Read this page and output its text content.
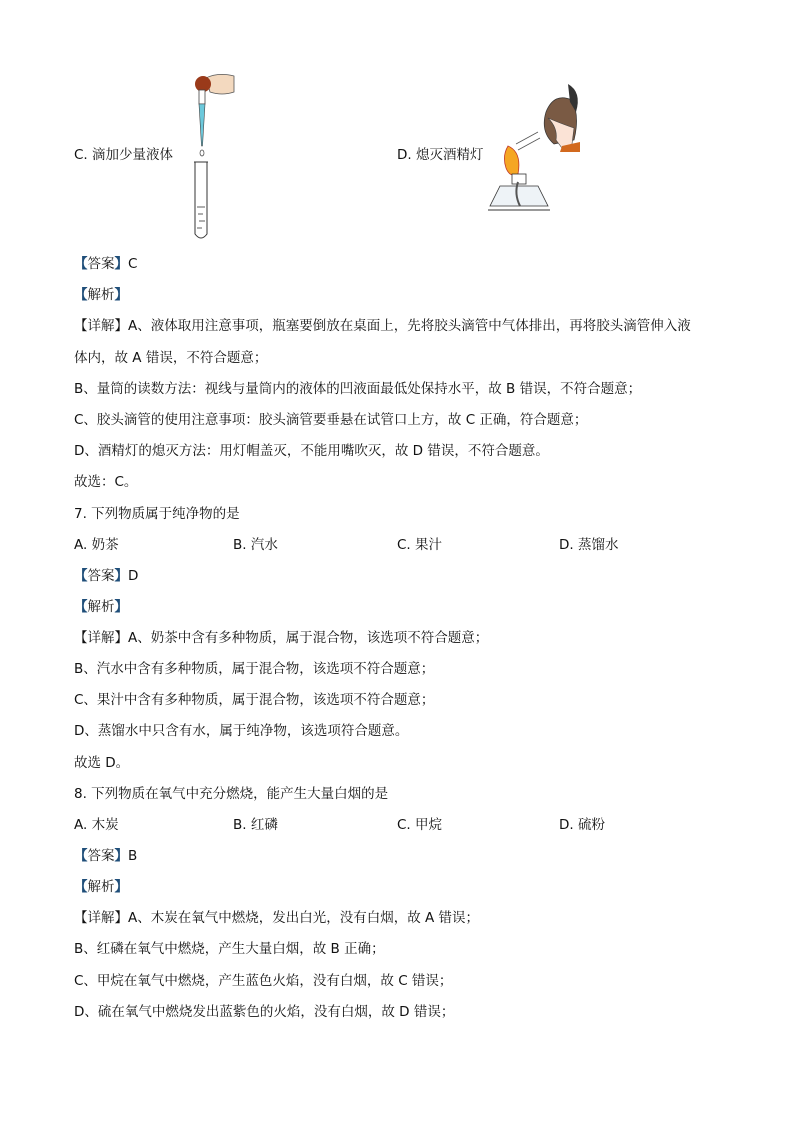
C. 滴加少量液体	D. 熄灭酒精灯
【答案】C
【解析】
【详解】A、液体取用注意事项，瓶塞要倒放在桌面上，先将胶头滴管中气体排出，再将胶头滴管伸入液
体内，故 A 错误，不符合题意；
B、量筒的读数方法：视线与量筒内的液体的凹液面最低处保持水平，故 B 错误，不符合题意；
C、胶头滴管的使用注意事项：胶头滴管要垂悬在试管口上方，故 C 正确，符合题意；
D、酒精灯的熄灭方法：用灯帽盖灭，不能用嘴吹灭，故 D 错误，不符合题意。
故选：C。
7. 下列物质属于纯净物的是
A. 奶茶	B. 汽水	C. 果汁	D. 蒸馏水
【答案】D
【解析】
【详解】A、奶茶中含有多种物质，属于混合物，该选项不符合题意；
B、汽水中含有多种物质，属于混合物，该选项不符合题意；
C、果汁中含有多种物质，属于混合物，该选项不符合题意；
D、蒸馏水中只含有水，属于纯净物，该选项符合题意。
故选 D。
8. 下列物质在氧气中充分燃烧，能产生大量白烟的是
A. 木炭	B. 红磷	C. 甲烷	D. 硫粉
【答案】B
【解析】
【详解】A、木炭在氧气中燃烧，发出白光，没有白烟，故 A 错误；
B、红磷在氧气中燃烧，产生大量白烟，故 B 正确；
C、甲烷在氧气中燃烧，产生蓝色火焰，没有白烟，故 C 错误；
D、硫在氧气中燃烧发出蓝紫色的火焰，没有白烟，故 D 错误；
